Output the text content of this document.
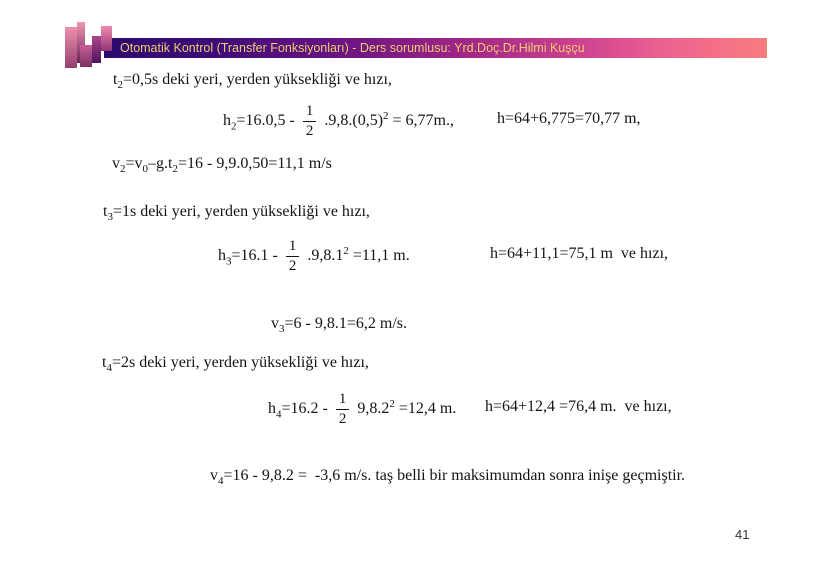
Otomatik Kontrol (Transfer Fonksiyonları) - Ders sorumlusu: Yrd.Doç.Dr.Hilmi Kuşçu
$t_2=0,5s$ deki yeri, yerden yüksekliği ve hızı,
$h_2=16.0,5 - \frac{1}{2} .9,8.(0,5)^2 = 6,77m$.,	h=64+6,775=70,77 m,
$v_2=v_0-g.t_2=16 - 9,9.0,50=11,1$ m/s
$t_3=1s$ deki yeri, yerden yüksekliği ve hızı,
$h_3=16.1 - \frac{1}{2} .9,8.1^2 =11,1$ m.	h=64+11,1=75,1 m  ve hızı,
$v_3=6 - 9,8.1=6,2$ m/s.
$t_4=2s$ deki yeri, yerden yüksekliği ve hızı,
$h_4=16.2 - \frac{1}{2} 9,8.2^2 =12,4$ m. h=64+12,4 =76,4 m.  ve hızı,
$v_4=16 - 9,8.2 = -3,6$ m/s. taş belli bir maksimumdan sonra inişe geçmiştir.
41
